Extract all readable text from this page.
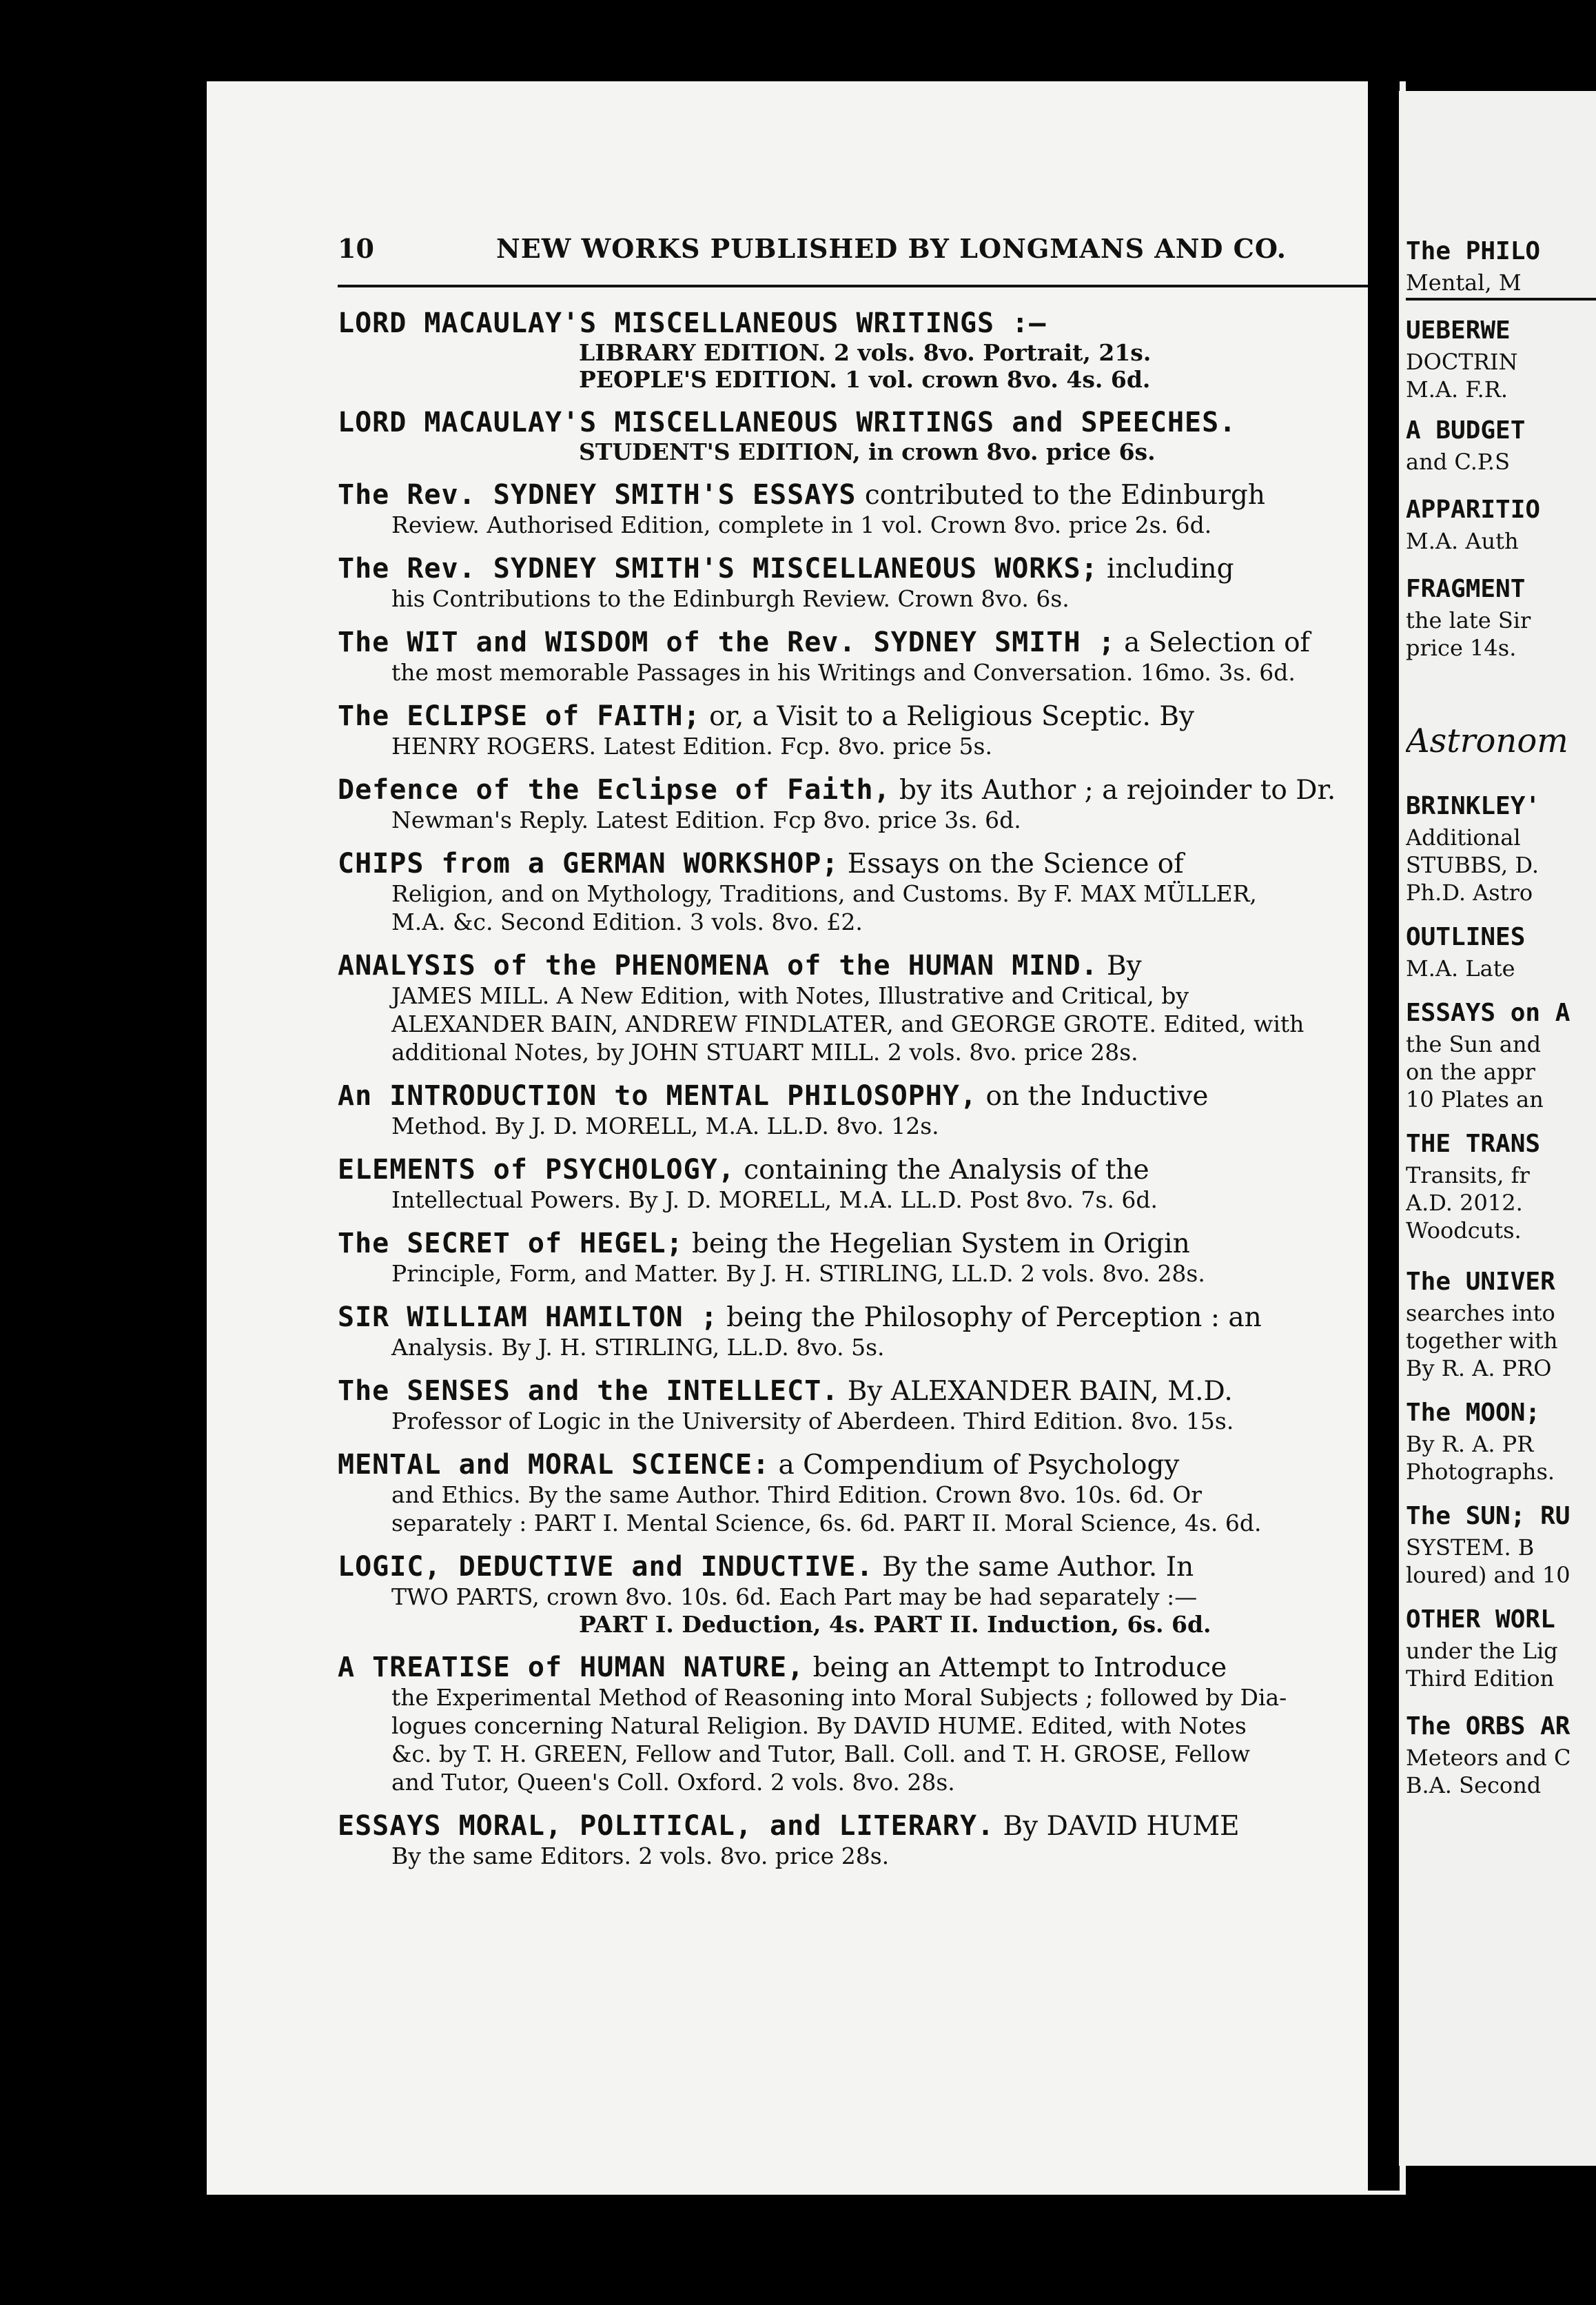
10	NEW WORKS PUBLISHED BY LONGMANS AND CO.
LORD MACAULAY'S MISCELLANEOUS WRITINGS :—
LIBRARY EDITION. 2 vols. 8vo. Portrait, 21s.
PEOPLE'S EDITION. 1 vol. crown 8vo. 4s. 6d.
LORD MACAULAY'S MISCELLANEOUS WRITINGS and SPEECHES.
STUDENT'S EDITION, in crown 8vo. price 6s.
The Rev. SYDNEY SMITH'S ESSAYS contributed to the Edinburgh
Review. Authorised Edition, complete in 1 vol. Crown 8vo. price 2s. 6d.
The Rev. SYDNEY SMITH'S MISCELLANEOUS WORKS; including
his Contributions to the Edinburgh Review. Crown 8vo. 6s.
The WIT and WISDOM of the Rev. SYDNEY SMITH ; a Selection of
the most memorable Passages in his Writings and Conversation. 16mo. 3s. 6d.
The ECLIPSE of FAITH; or, a Visit to a Religious Sceptic. By
HENRY ROGERS. Latest Edition. Fcp. 8vo. price 5s.
Defence of the Eclipse of Faith, by its Author ; a rejoinder to Dr.
Newman's Reply. Latest Edition. Fcp 8vo. price 3s. 6d.
CHIPS from a GERMAN WORKSHOP; Essays on the Science of
Religion, and on Mythology, Traditions, and Customs. By F. MAX MÜLLER,
M.A. &c. Second Edition. 3 vols. 8vo. £2.
ANALYSIS of the PHENOMENA of the HUMAN MIND. By
JAMES MILL. A New Edition, with Notes, Illustrative and Critical, by
ALEXANDER BAIN, ANDREW FINDLATER, and GEORGE GROTE. Edited, with
additional Notes, by JOHN STUART MILL. 2 vols. 8vo. price 28s.
An INTRODUCTION to MENTAL PHILOSOPHY, on the Inductive
Method. By J. D. MORELL, M.A. LL.D. 8vo. 12s.
ELEMENTS of PSYCHOLOGY, containing the Analysis of the
Intellectual Powers. By J. D. MORELL, M.A. LL.D. Post 8vo. 7s. 6d.
The SECRET of HEGEL; being the Hegelian System in Origin
Principle, Form, and Matter. By J. H. STIRLING, LL.D. 2 vols. 8vo. 28s.
SIR WILLIAM HAMILTON ; being the Philosophy of Perception : an
Analysis. By J. H. STIRLING, LL.D. 8vo. 5s.
The SENSES and the INTELLECT. By ALEXANDER BAIN, M.D.
Professor of Logic in the University of Aberdeen. Third Edition. 8vo. 15s.
MENTAL and MORAL SCIENCE: a Compendium of Psychology
and Ethics. By the same Author. Third Edition. Crown 8vo. 10s. 6d. Or
separately : PART I. Mental Science, 6s. 6d. PART II. Moral Science, 4s. 6d.
LOGIC, DEDUCTIVE and INDUCTIVE. By the same Author. In
TWO PARTS, crown 8vo. 10s. 6d. Each Part may be had separately :—
PART I. Deduction, 4s. PART II. Induction, 6s. 6d.
A TREATISE of HUMAN NATURE, being an Attempt to Introduce
the Experimental Method of Reasoning into Moral Subjects ; followed by Dia-
logues concerning Natural Religion. By DAVID HUME. Edited, with Notes
&c. by T. H. GREEN, Fellow and Tutor, Ball. Coll. and T. H. GROSE, Fellow
and Tutor, Queen's Coll. Oxford. 2 vols. 8vo. 28s.
ESSAYS MORAL, POLITICAL, and LITERARY. By DAVID HUME
By the same Editors. 2 vols. 8vo. price 28s.
The PHILO
Mental, M
UEBERWE
DOCTRIN
M.A. F.R.
A BUDGET
and C.P.S
APPARITIO
M.A. Auth
FRAGMENT
the late Sir
price 14s.
Astronom
BRINKLEY'
Additional
STUBBS, D.
Ph.D. Astro
OUTLINES
M.A. Late
ESSAYS on A
the Sun and
on the appr
10 Plates an
THE TRANS
Transits, fr
A.D. 2012.
Woodcuts.
The UNIVER
searches into
together with
By R. A. PRO
The MOON;
By R. A. PR
Photographs.
The SUN; RU
SYSTEM. B
loured) and 10
OTHER WORL
under the Lig
Third Edition
The ORBS AR
Meteors and C
B.A. Second
